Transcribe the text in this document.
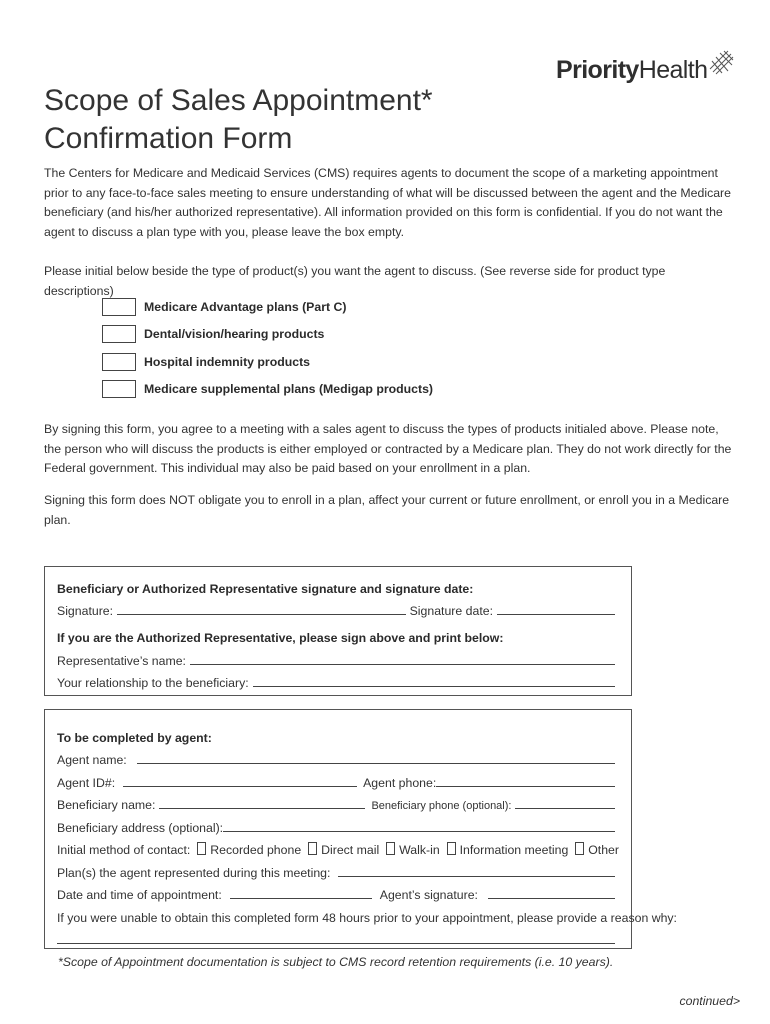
PriorityHealth
Scope of Sales Appointment*
Confirmation Form

The Centers for Medicare and Medicaid Services (CMS) requires agents to document the scope of a marketing appointment prior to any face-to-face sales meeting to ensure understanding of what will be discussed between the agent and the Medicare beneficiary (and his/her authorized representative). All information provided on this form is confidential. If you do not want the agent to discuss a plan type with you, please leave the box empty.

Please initial below beside the type of product(s) you want the agent to discuss. (See reverse side for product type descriptions)

Medicare Advantage plans (Part C)
Dental/vision/hearing products
Hospital indemnity products
Medicare supplemental plans (Medigap products)

By signing this form, you agree to a meeting with a sales agent to discuss the types of products initialed above. Please note, the person who will discuss the products is either employed or contracted by a Medicare plan. They do not work directly for the Federal government. This individual may also be paid based on your enrollment in a plan.

Signing this form does NOT obligate you to enroll in a plan, affect your current or future enrollment, or enroll you in a Medicare plan.

Beneficiary or Authorized Representative signature and signature date:
Signature:	Signature date:
If you are the Authorized Representative, please sign above and print below:
Representative’s name:
Your relationship to the beneficiary:
To be completed by agent:
Agent name:
Agent ID#:	Agent phone:
Beneficiary name:	Beneficiary phone (optional):
Beneficiary address (optional):
Initial method of contact: Recorded phone Direct mail Walk-in Information meeting Other
Plan(s) the agent represented during this meeting:
Date and time of appointment:	Agent’s signature:
If you were unable to obtain this completed form 48 hours prior to your appointment, please provide a reason why:
*Scope of Appointment documentation is subject to CMS record retention requirements (i.e. 10 years).
continued>
